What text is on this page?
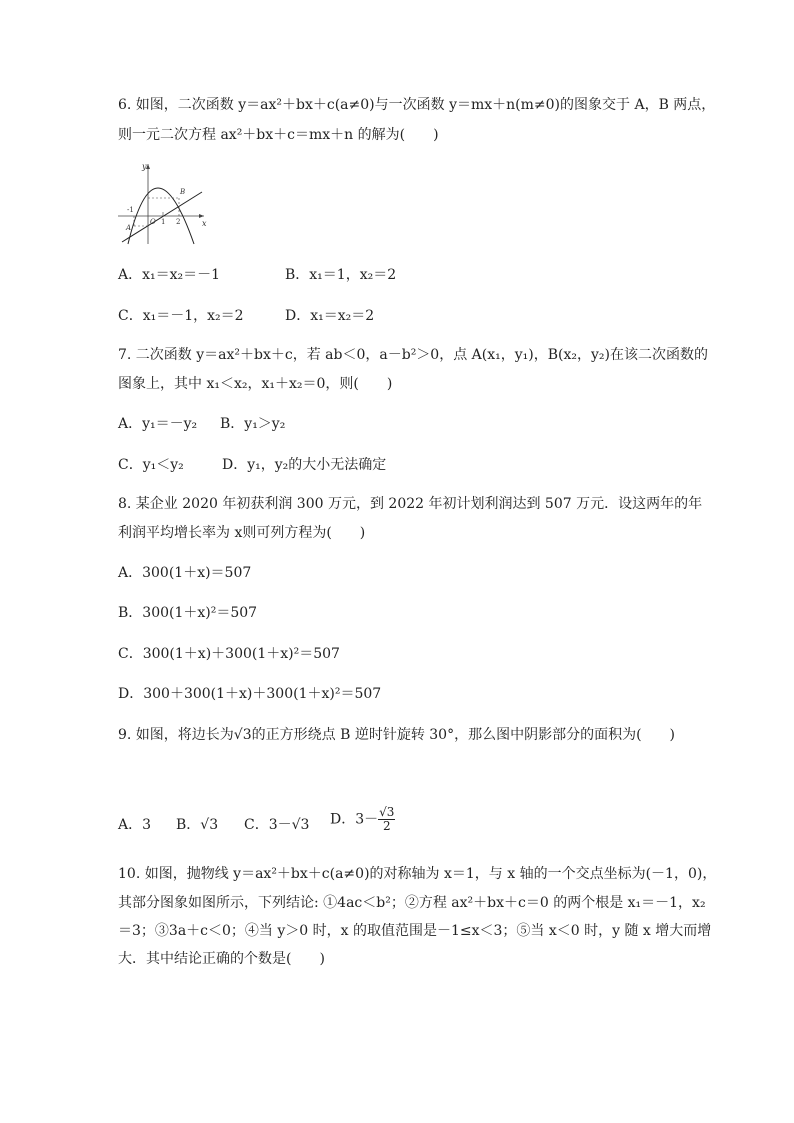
6. 如图，二次函数 y＝ax²＋bx＋c(a≠0)与一次函数 y＝mx＋n(m≠0)的图象交于 A，B 两点，
则一元二次方程 ax²＋bx＋c＝mx＋n 的解为(　　)
y
x
O
-1
1 2
A
B
A．x₁＝x₂＝－1	B．x₁＝1，x₂＝2
C．x₁＝－1，x₂＝2	D．x₁＝x₂＝2
7. 二次函数 y＝ax²＋bx＋c，若 ab＜0，a－b²＞0，点 A(x₁，y₁)，B(x₂，y₂)在该二次函数的
图象上，其中 x₁＜x₂，x₁＋x₂＝0，则(　　)
A．y₁＝－y₂ B．y₁＞y₂
C．y₁＜y₂	D．y₁，y₂的大小无法确定
8. 某企业 2020 年初获利润 300 万元，到 2022 年初计划利润达到 507 万元．设这两年的年
利润平均增长率为 x则可列方程为(　　)
A．300(1＋x)＝507
B．300(1＋x)²＝507
C．300(1＋x)＋300(1＋x)²＝507
D．300＋300(1＋x)＋300(1＋x)²＝507
9. 如图，将边长为√3的正方形绕点 B 逆时针旋转 30°，那么图中阴影部分的面积为(　　)
A．3 B．√3 C．3－√3 D．$3- \frac{√3}{2}$
10. 如图，抛物线 y＝ax²＋bx＋c(a≠0)的对称轴为 x＝1，与 x 轴的一个交点坐标为(－1，0)，
其部分图象如图所示，下列结论: ①4ac＜b²；②方程 ax²＋bx＋c＝0 的两个根是 x₁＝－1，x₂
＝3；③3a＋c＜0；④当 y＞0 时，x 的取值范围是－1≤x＜3；⑤当 x＜0 时，y 随 x 增大而增
大．其中结论正确的个数是(　　)
